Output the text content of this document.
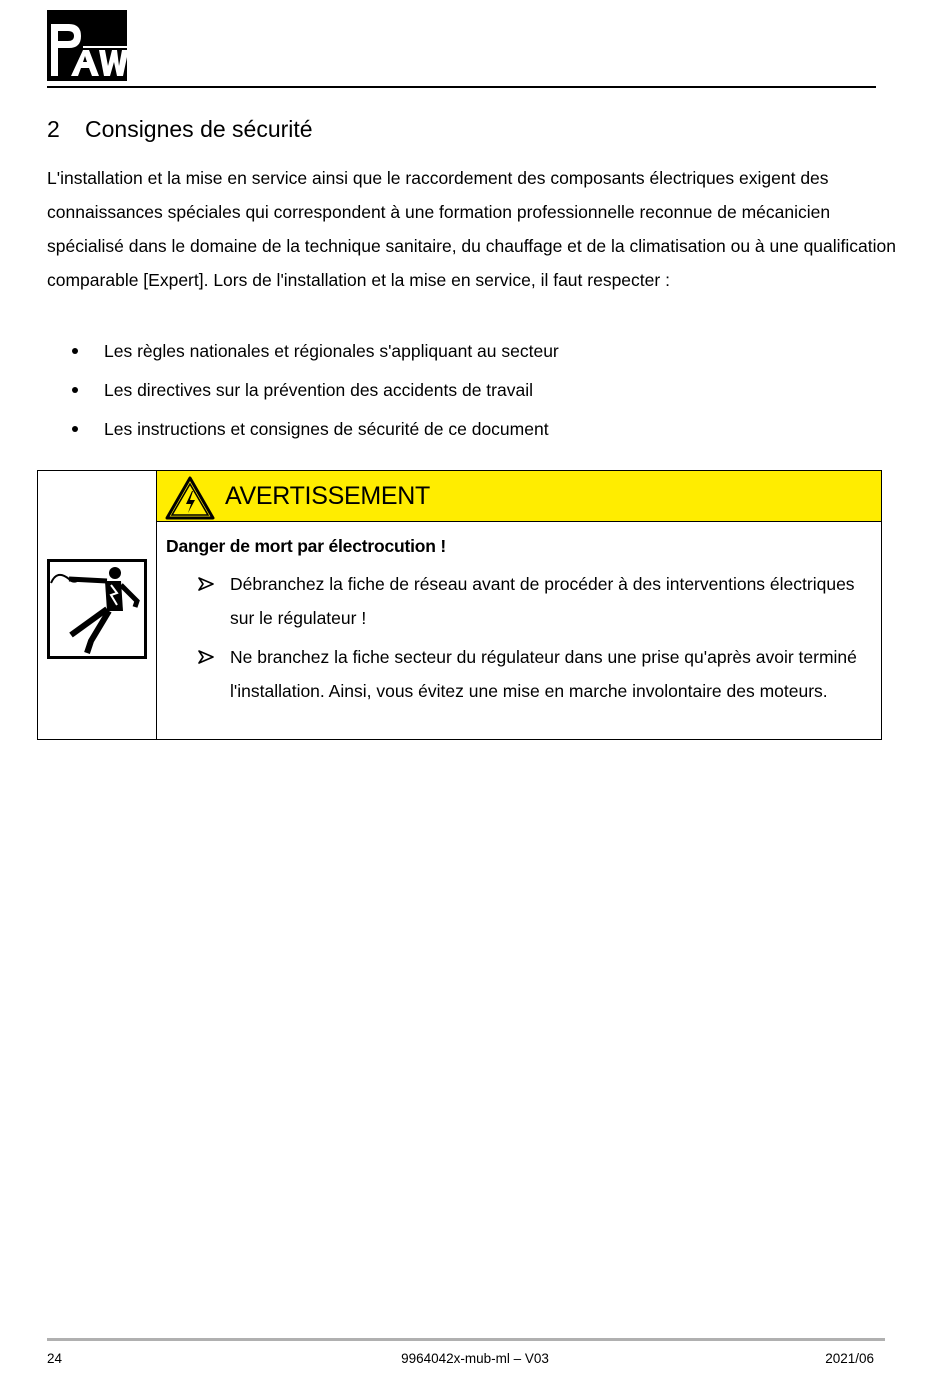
2 Consignes de sécurité

L'installation et la mise en service ainsi que le raccordement des composants électriques exigent des connaissances spéciales qui correspondent à une formation professionnelle reconnue de mécanicien spécialisé dans le domaine de la technique sanitaire, du chauffage et de la climatisation ou à une qualification comparable [Expert]. Lors de l'installation et la mise en service, il faut respecter :

Les règles nationales et régionales s'appliquant au secteur
Les directives sur la prévention des accidents de travail
Les instructions et consignes de sécurité de ce document
AVERTISSEMENT
Danger de mort par électrocution !
Débranchez la fiche de réseau avant de procéder à des interventions électriques sur le régulateur !
Ne branchez la fiche secteur du régulateur dans une prise qu'après avoir terminé l'installation. Ainsi, vous évitez une mise en marche involontaire des moteurs.
24	9964042x-mub-ml – V03	2021/06
